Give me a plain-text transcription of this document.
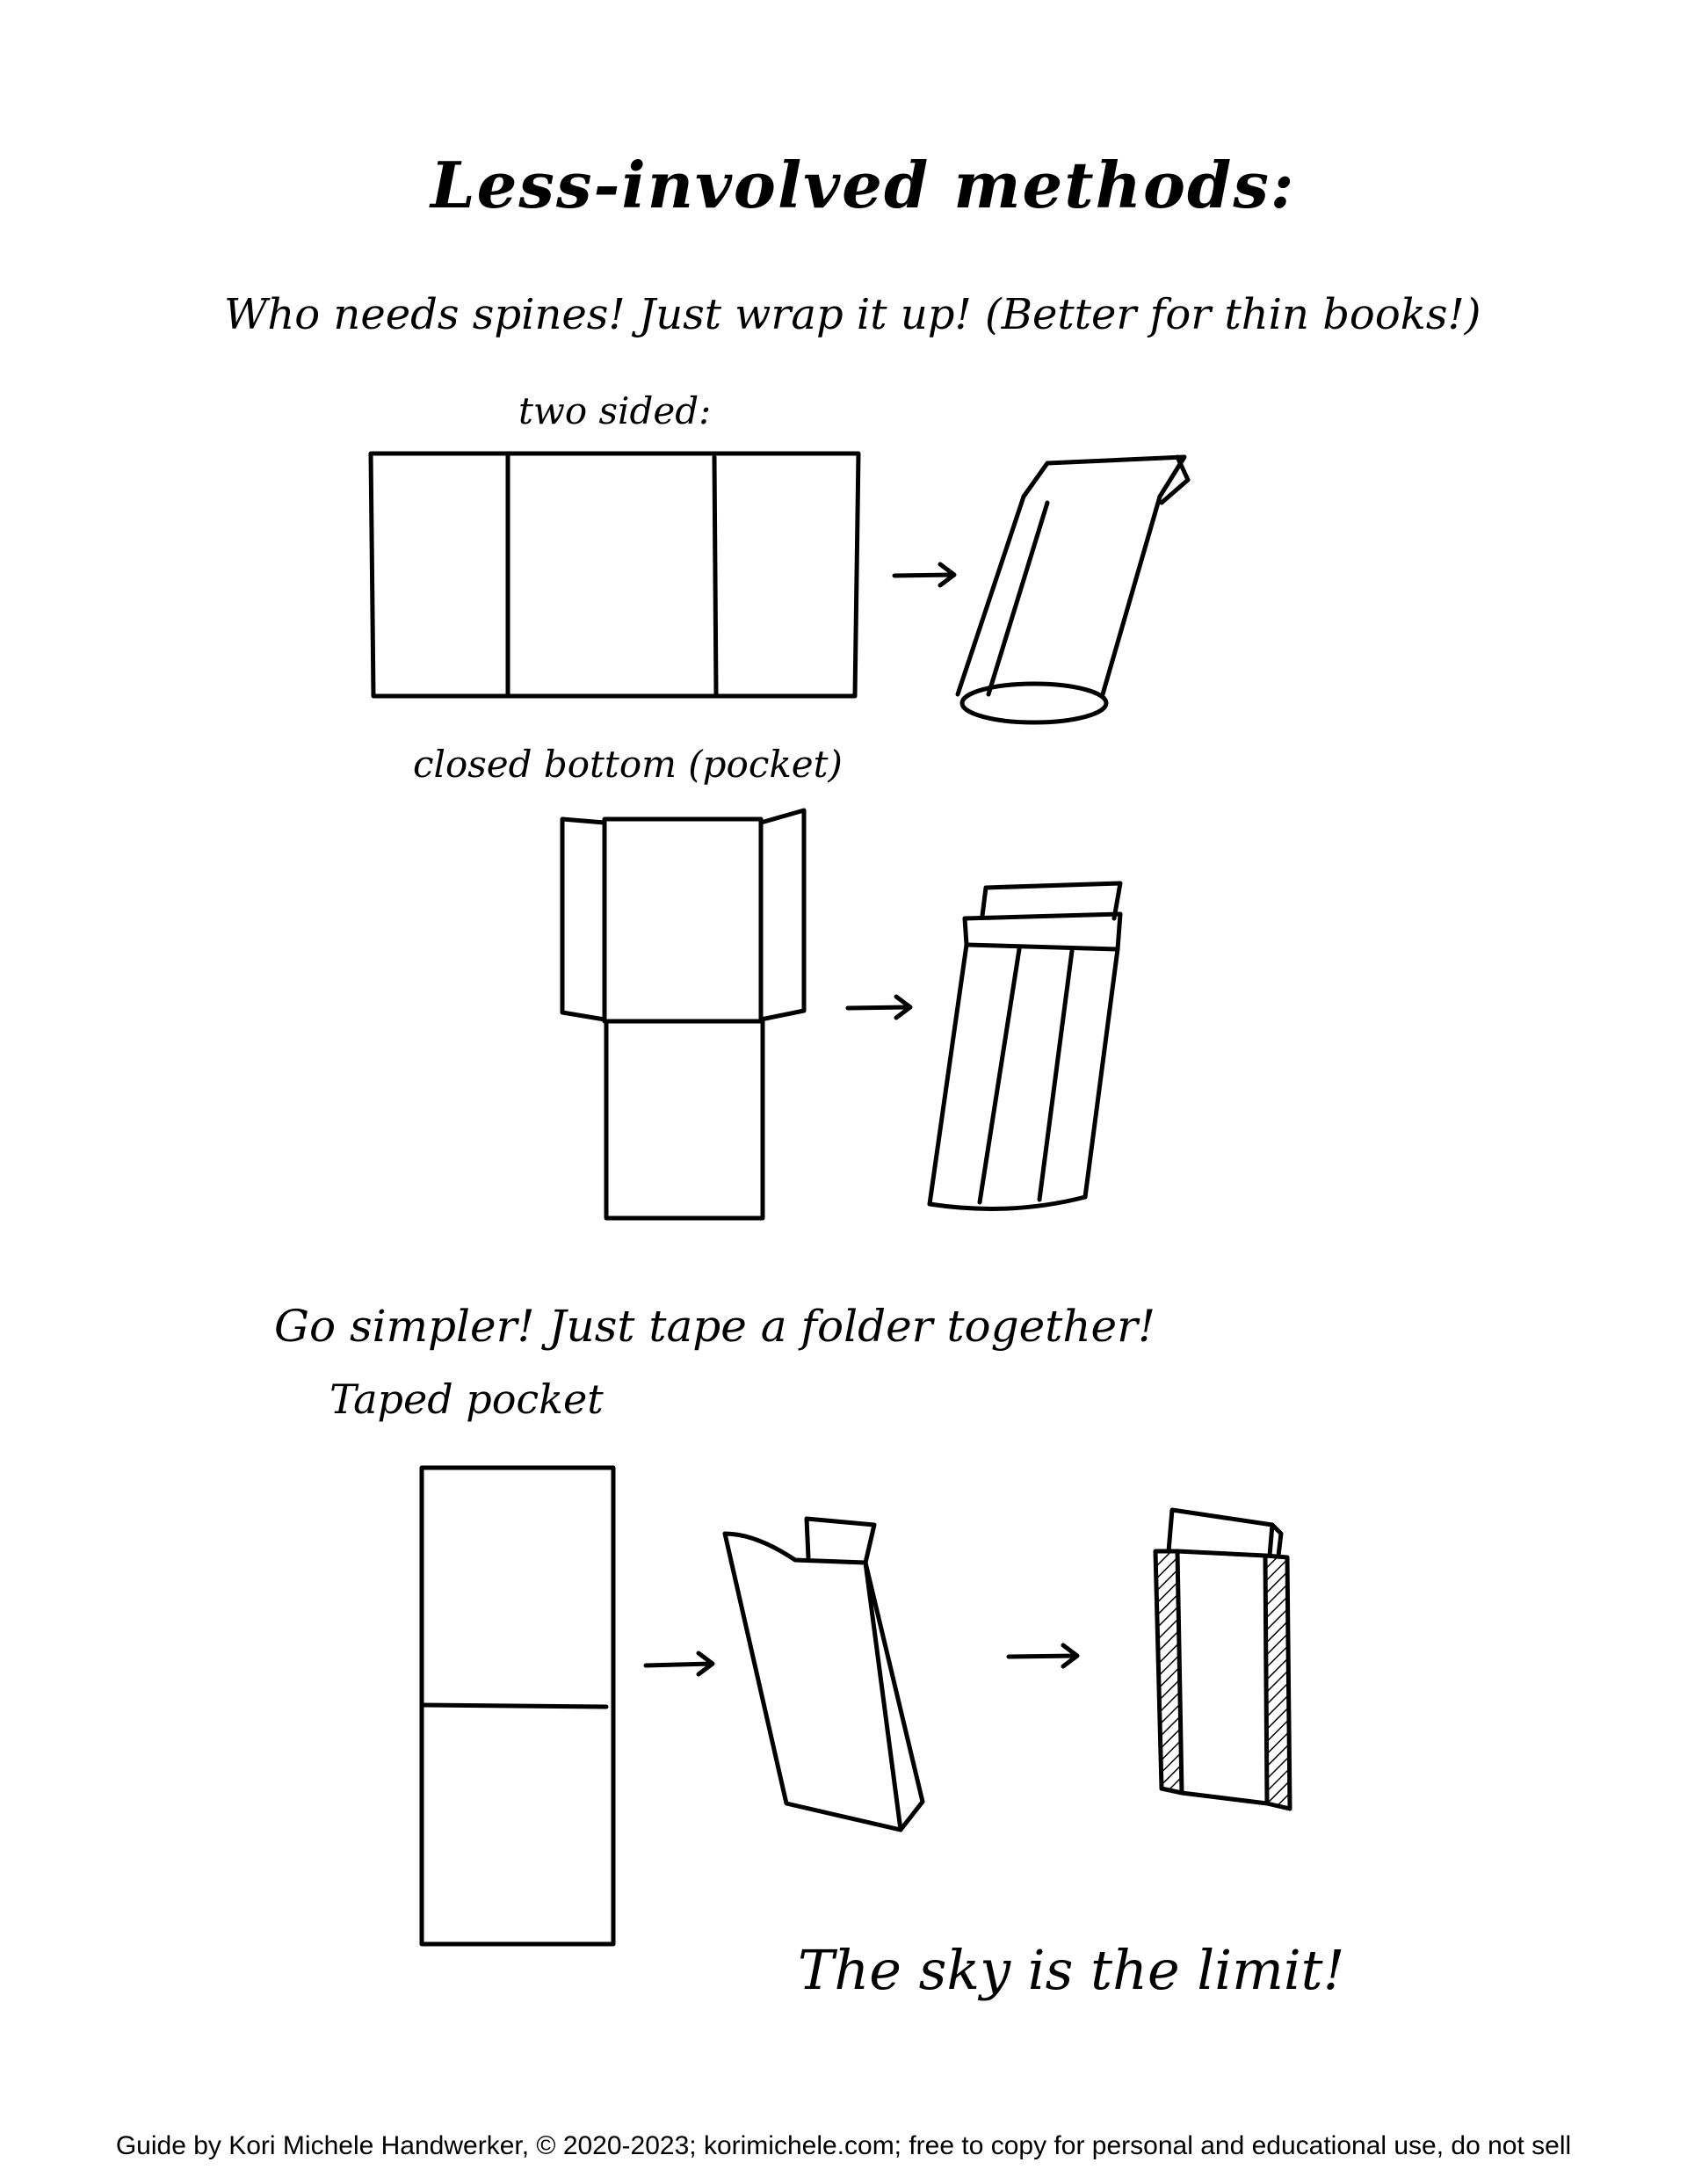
Less-involved methods:

Who needs spines! Just wrap it up! (Better for thin books!)

two sided:

closed bottom (pocket)

Go simpler! Just tape a folder together!

Taped pocket

The sky is the limit!

Guide by Kori Michele Handwerker, © 2020-2023; korimichele.com; free to copy for personal and educational use, do not sell
